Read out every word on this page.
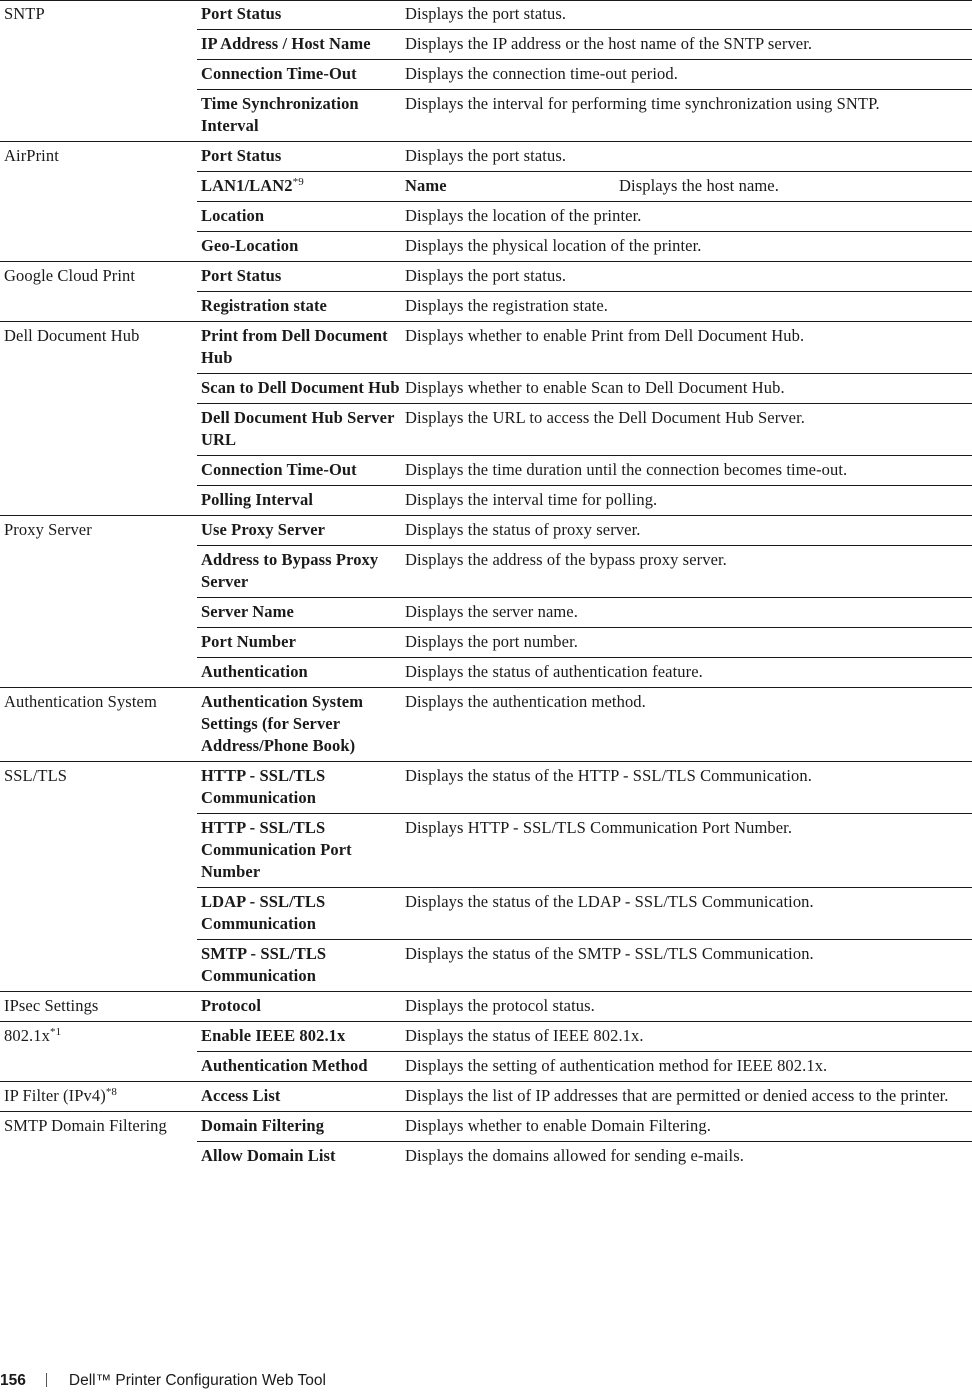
SNTP	Port Status	Displays the port status.
	IP Address / Host Name	Displays the IP address or the host name of the SNTP server.
	Connection Time-Out	Displays the connection time-out period.
	Time Synchronization Interval	Displays the interval for performing time synchronization using SNTP.
AirPrint	Port Status	Displays the port status.
	LAN1/LAN2$^{*9}$	Name Displays the host name.
	Location	Displays the location of the printer.
	Geo-Location	Displays the physical location of the printer.
Google Cloud Print	Port Status	Displays the port status.
	Registration state	Displays the registration state.
Dell Document Hub	Print from Dell Document Hub	Displays whether to enable Print from Dell Document Hub.
	Scan to Dell Document Hub	Displays whether to enable Scan to Dell Document Hub.
	Dell Document Hub Server URL	Displays the URL to access the Dell Document Hub Server.
	Connection Time-Out	Displays the time duration until the connection becomes time-out.
	Polling Interval	Displays the interval time for polling.
Proxy Server	Use Proxy Server	Displays the status of proxy server.
	Address to Bypass Proxy Server	Displays the address of the bypass proxy server.
	Server Name	Displays the server name.
	Port Number	Displays the port number.
	Authentication	Displays the status of authentication feature.
Authentication System	Authentication System Settings (for Server Address/Phone Book)	Displays the authentication method.
SSL/TLS	HTTP - SSL/TLS Communication	Displays the status of the HTTP - SSL/TLS Communication.
	HTTP - SSL/TLS Communication Port Number	Displays HTTP - SSL/TLS Communication Port Number.
	LDAP - SSL/TLS Communication	Displays the status of the LDAP - SSL/TLS Communication.
	SMTP - SSL/TLS Communication	Displays the status of the SMTP - SSL/TLS Communication.
IPsec Settings	Protocol	Displays the protocol status.
$802.1x^{*1}$	Enable IEEE 802.1x	Displays the status of IEEE 802.1x.
	Authentication Method	Displays the setting of authentication method for IEEE 802.1x.
IP Filter $(IPv4)^{*8}$	Access List	Displays the list of IP addresses that are permitted or denied access to the printer.
SMTP Domain Filtering	Domain Filtering	Displays whether to enable Domain Filtering.
	Allow Domain List	Displays the domains allowed for sending e-mails.
156	Dell™ Printer Configuration Web Tool
